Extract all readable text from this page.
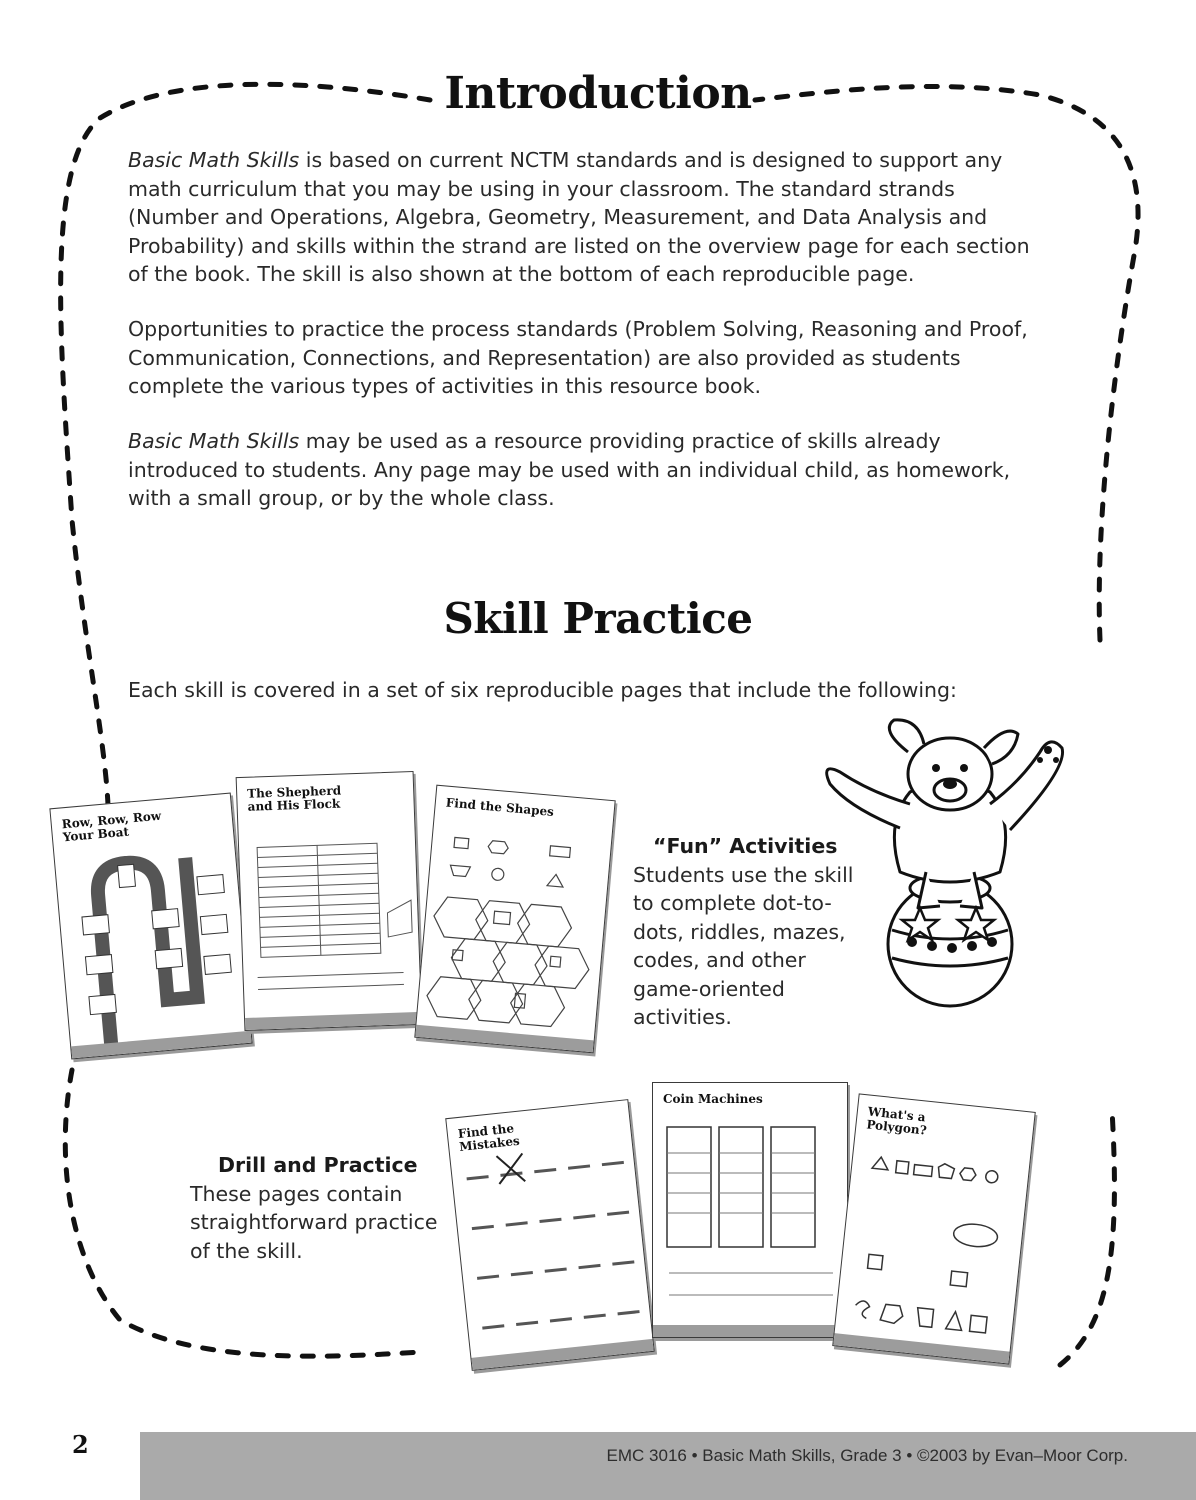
Introduction

Basic Math Skills is based on current NCTM standards and is designed to support any math curriculum that you may be using in your classroom. The standard strands (Number and Operations, Algebra, Geometry, Measurement, and Data Analysis and Probability) and skills within the strand are listed on the overview page for each section of the book. The skill is also shown at the bottom of each reproducible page.

Opportunities to practice the process standards (Problem Solving, Reasoning and Proof, Communication, Connections, and Representation) are also provided as students complete the various types of activities in this resource book.

Basic Math Skills may be used as a resource providing practice of skills already introduced to students. Any page may be used with an individual child, as homework, with a small group, or by the whole class.

Skill Practice

Each skill is covered in a set of six reproducible pages that include the following:

Row, Row, Row Your Boat
The Shepherd and His Flock	Find the Shapes
“Fun” Activities
Students use the skill to complete dot-to-dots, riddles, mazes, codes, and other game-oriented activities.
Find the Mistakes
Coin Machines
What's a Polygon?
Drill and Practice
These pages contain straightforward practice of the skill.
2	EMC 3016 • Basic Math Skills, Grade 3 • ©2003 by Evan–Moor Corp.
